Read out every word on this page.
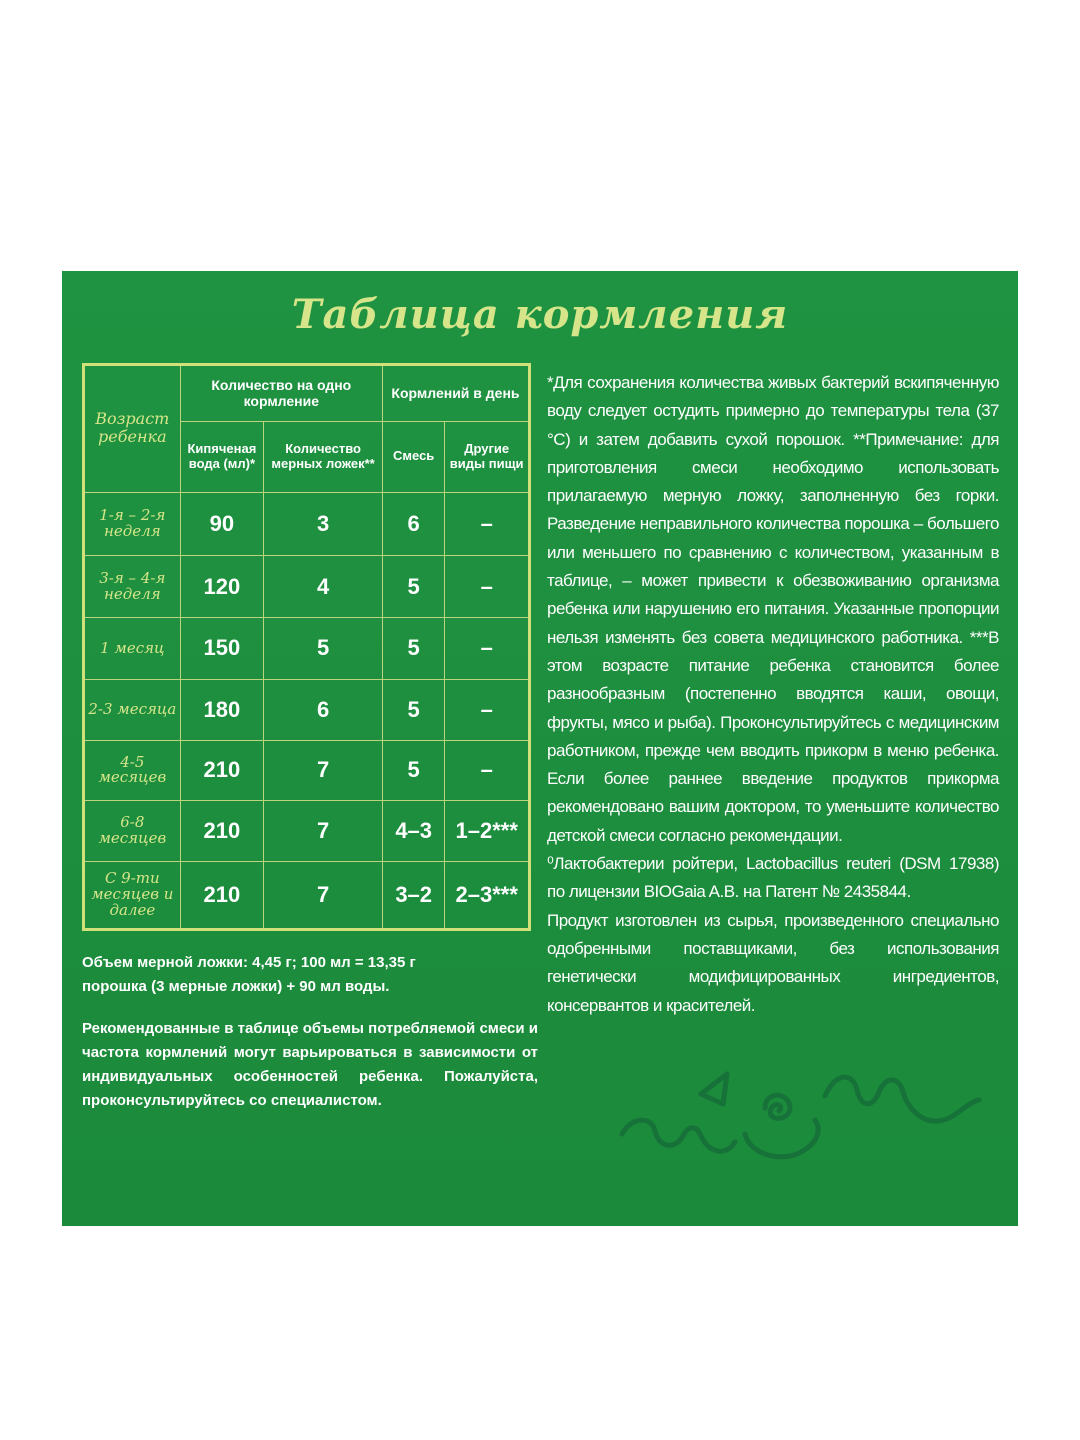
Таблица кормления
Возраст ребенка	Количество на одно кормление		Кормлений в день	
	Кипяченая вода (мл)*	Количество мерных ложек**	Смесь	Другие виды пищи
1-я – 2-я неделя	90	3	6	–
3-я – 4-я неделя	120	4	5	–
1 месяц	150	5	5	–
2-3 месяца	180	6	5	–
4-5 месяцев	210	7	5	–
6-8 месяцев	210	7	4–3	1–2***
С 9-ти месяцев и далее	210	7	3–2	2–3***

Объем мерной ложки: 4,45 г; 100 мл = 13,35 г порошка (3 мерные ложки) + 90 мл воды.

Рекомендованные в таблице объемы потребляемой смеси и частота кормлений могут варьироваться в зависимости от индивидуальных особенностей ребенка. Пожалуйста, проконсультируйтесь со специалистом.

*Для сохранения количества живых бактерий вскипяченную воду следует остудить примерно до температуры тела (37 °C) и затем добавить сухой порошок. **Примечание: для приготовления смеси необходимо использовать прилагаемую мерную ложку, заполненную без горки. Разведение неправильного количества порошка – большего или меньшего по сравнению с количеством, указанным в таблице, – может привести к обезвоживанию организма ребенка или нарушению его питания. Указанные пропорции нельзя изменять без совета медицинского работника. ***В этом возрасте питание ребенка становится более разнообразным (постепенно вводятся каши, овощи, фрукты, мясо и рыба). Проконсультируйтесь с медицинским работником, прежде чем вводить прикорм в меню ребенка. Если более раннее введение продуктов прикорма рекомендовано вашим доктором, то уменьшите количество детской смеси согласно рекомендации.

⁰Лактобактерии ройтери, Lactobacillus reuteri (DSM 17938) по лицензии BIOGaia A.B. на Патент № 2435844.

Продукт изготовлен из сырья, произведенного специально одобренными поставщиками, без использования генетически модифицированных ингредиентов, консервантов и красителей.
